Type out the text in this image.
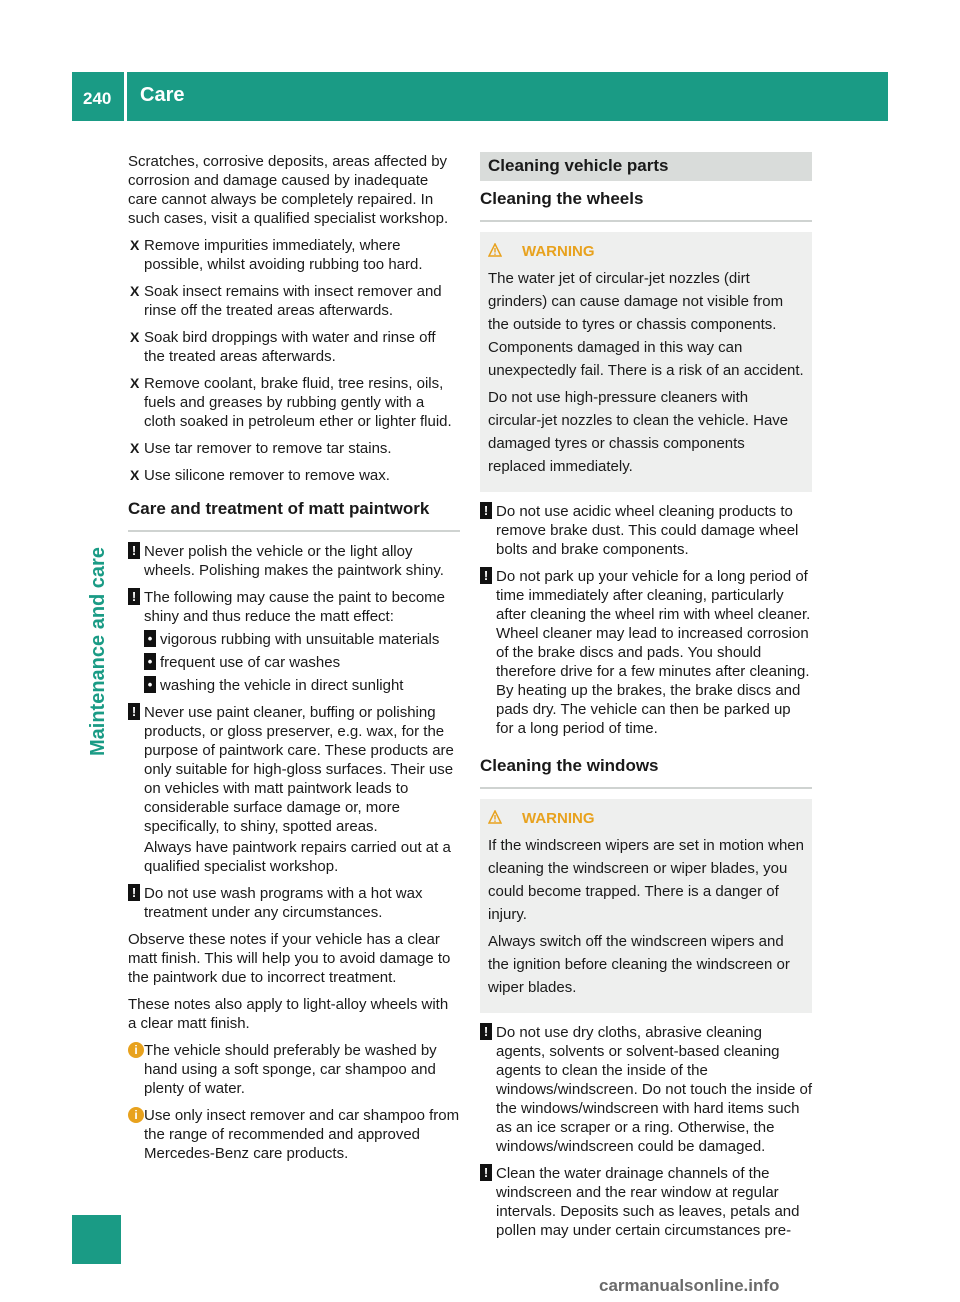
240 Care
Maintenance and care

Scratches, corrosive deposits, areas affected by corrosion and damage caused by inadequate care cannot always be completely repaired. In such cases, visit a qualified specialist workshop.

X Remove impurities immediately, where possible, whilst avoiding rubbing too hard.
X Soak insect remains with insect remover and rinse off the treated areas afterwards.
X Soak bird droppings with water and rinse off the treated areas afterwards.
X Remove coolant, brake fluid, tree resins, oils, fuels and greases by rubbing gently with a cloth soaked in petroleum ether or lighter fluid.
X Use tar remover to remove tar stains.
X Use silicone remover to remove wax.
Care and treatment of matt paintwork
! Never polish the vehicle or the light alloy wheels. Polishing makes the paintwork shiny.
! The following may cause the paint to become shiny and thus reduce the matt effect:
• vigorous rubbing with unsuitable materials
• frequent use of car washes
• washing the vehicle in direct sunlight
! Never use paint cleaner, buffing or polishing products, or gloss preserver, e.g. wax, for the purpose of paintwork care. These products are only suitable for high-gloss surfaces. Their use on vehicles with matt paintwork leads to considerable surface damage or, more specifically, to shiny, spotted areas.
Always have paintwork repairs carried out at a qualified specialist workshop.
! Do not use wash programs with a hot wax treatment under any circumstances.

Observe these notes if your vehicle has a clear matt finish. This will help you to avoid damage to the paintwork due to incorrect treatment.

These notes also apply to light-alloy wheels with a clear matt finish.

i The vehicle should preferably be washed by hand using a soft sponge, car shampoo and plenty of water.
i Use only insect remover and car shampoo from the range of recommended and approved Mercedes-Benz care products.
Cleaning vehicle parts
Cleaning the wheels
WARNING

The water jet of circular-jet nozzles (dirt grinders) can cause damage not visible from the outside to tyres or chassis components. Components damaged in this way can unexpectedly fail. There is a risk of an accident.

Do not use high-pressure cleaners with circular-jet nozzles to clean the vehicle. Have damaged tyres or chassis components replaced immediately.

! Do not use acidic wheel cleaning products to remove brake dust. This could damage wheel bolts and brake components.
! Do not park up your vehicle for a long period of time immediately after cleaning, particularly after cleaning the wheel rim with wheel cleaner. Wheel cleaner may lead to increased corrosion of the brake discs and pads. You should therefore drive for a few minutes after cleaning. By heating up the brakes, the brake discs and pads dry. The vehicle can then be parked up for a long period of time.
Cleaning the windows
WARNING

If the windscreen wipers are set in motion when cleaning the windscreen or wiper blades, you could become trapped. There is a danger of injury.

Always switch off the windscreen wipers and the ignition before cleaning the windscreen or wiper blades.

! Do not use dry cloths, abrasive cleaning agents, solvents or solvent-based cleaning agents to clean the inside of the windows/windscreen. Do not touch the inside of the windows/windscreen with hard items such as an ice scraper or a ring. Otherwise, the windows/windscreen could be damaged.
! Clean the water drainage channels of the windscreen and the rear window at regular intervals. Deposits such as leaves, petals and pollen may under certain circumstances pre-
carmanualsonline.info
